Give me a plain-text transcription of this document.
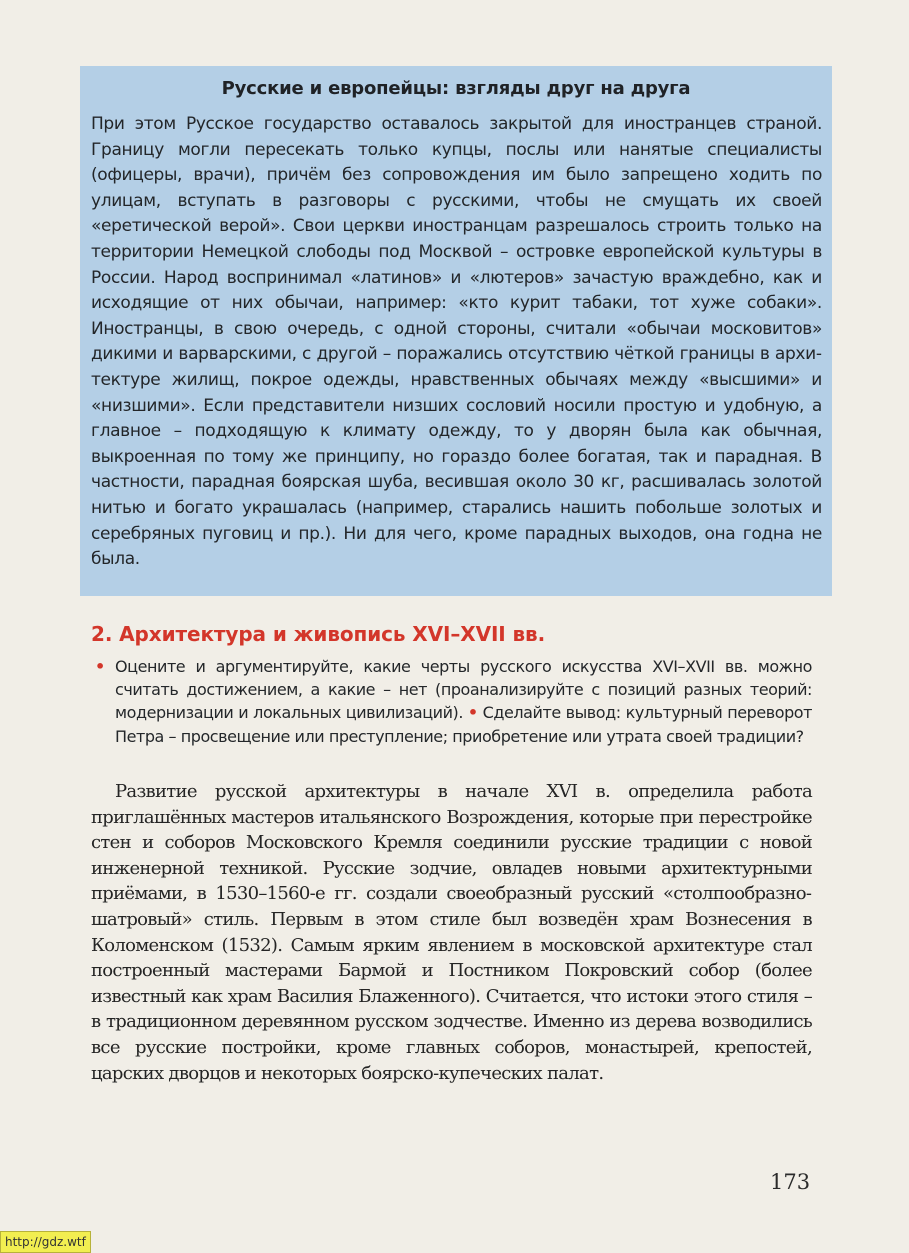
Русские и европейцы: взгляды друг на друга
При этом Русское государство оставалось закрытой для иностранцев страной. Границу могли пересекать только купцы, послы или нанятые специалисты (офицеры, врачи), причём без сопровождения им было запрещено ходить по улицам, вступать в разговоры с русскими, чтобы не смущать их своей «еретической верой». Свои церкви иностранцам разрешалось строить только на территории Немецкой слободы под Москвой – островке европейской культуры в России. Народ воспринимал «латинов» и «лютеров» зачастую враждебно, как и исходящие от них обычаи, например: «кто курит табаки, тот хуже собаки». Иностранцы, в свою очередь, с одной стороны, считали «обычаи московитов» дикими и варварскими, с другой – поражались отсутствию чёткой границы в архитектуре жилищ, покрое одежды, нравственных обычаях между «высшими» и «низшими». Если представители низших сословий носили простую и удобную, а главное – подходящую к климату одежду, то у дворян была как обычная, выкроенная по тому же принципу, но гораздо более богатая, так и парадная. В частности, парадная боярская шуба, весившая около 30 кг, расшивалась золотой нитью и богато украшалась (например, старались нашить побольше золотых и серебряных пуговиц и пр.). Ни для чего, кроме парадных выходов, она годна не была.
2. Архитектура и живопись XVI–XVII вв.
• Оцените и аргументируйте, какие черты русского искусства XVI–XVII вв. можно считать достижением, а какие – нет (проанализируйте с позиций разных теорий: модернизации и локальных цивилизаций). • Сделайте вывод: культурный переворот Петра – просвещение или преступление; приобретение или утрата своей традиции?
Развитие русской архитектуры в начале XVI в. определила работа приглашённых мастеров итальянского Возрождения, которые при перестройке стен и соборов Московского Кремля соединили русские традиции с новой инженерной техникой. Русские зодчие, овладев новыми архитектурными приёмами, в 1530–1560-е гг. создали своеобразный русский «столпообразношатровый» стиль. Первым в этом стиле был возведён храм Вознесения в Коломенском (1532). Самым ярким явлением в московской архитектуре стал построенный мастерами Бармой и Постником Покровский собор (более известный как храм Василия Блаженного). Считается, что истоки этого стиля – в традиционном деревянном русском зодчестве. Именно из дерева возводились все русские постройки, кроме главных соборов, монастырей, крепостей, царских дворцов и некоторых боярско-купеческих палат.
173
http://gdz.wtf
